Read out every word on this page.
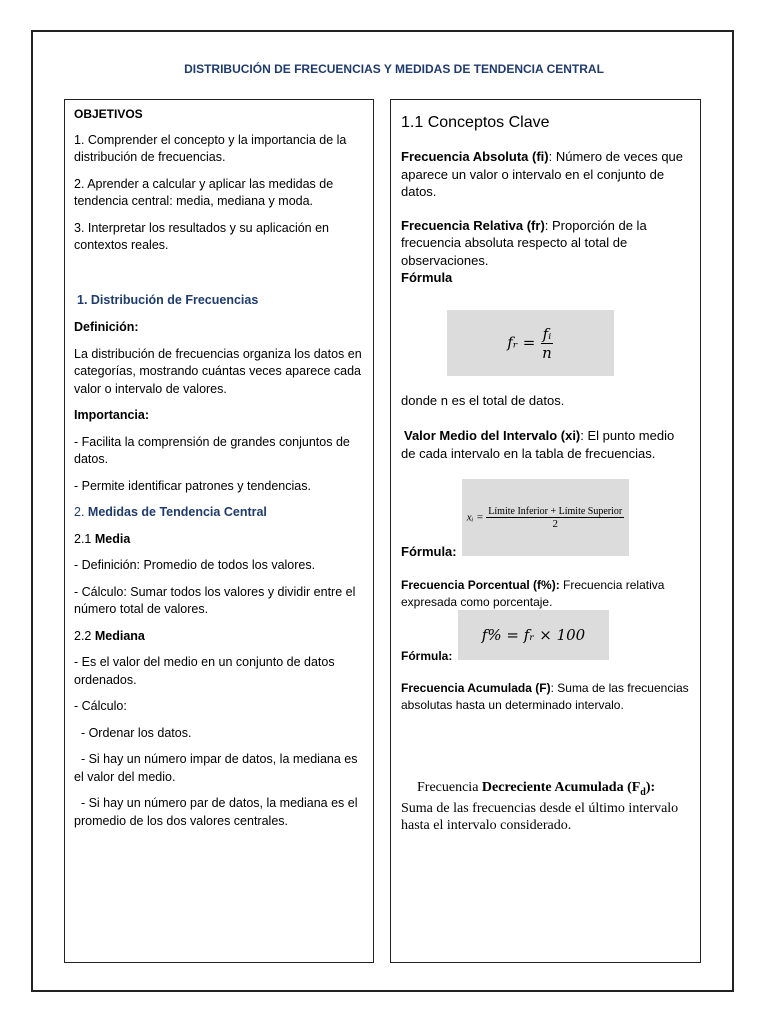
DISTRIBUCIÓN DE FRECUENCIAS Y MEDIDAS DE TENDENCIA CENTRAL

OBJETIVOS

1. Comprender el concepto y la importancia de la distribución de frecuencias.

2. Aprender a calcular y aplicar las medidas de tendencia central: media, mediana y moda.

3. Interpretar los resultados y su aplicación en contextos reales.

1. Distribución de Frecuencias

Definición:

La distribución de frecuencias organiza los datos en categorías, mostrando cuántas veces aparece cada valor o intervalo de valores.

Importancia:

- Facilita la comprensión de grandes conjuntos de datos.

- Permite identificar patrones y tendencias.

2. Medidas de Tendencia Central

2.1 Media

- Definición: Promedio de todos los valores.

- Cálculo: Sumar todos los valores y dividir entre el número total de valores.

2.2 Mediana

- Es el valor del medio en un conjunto de datos ordenados.

- Cálculo:

- Ordenar los datos.

- Si hay un número impar de datos, la mediana es el valor del medio.

- Si hay un número par de datos, la mediana es el promedio de los dos valores centrales.

1.1 Conceptos Clave

Frecuencia Absoluta (fi): Número de veces que aparece un valor o intervalo en el conjunto de datos.

Frecuencia Relativa (fr): Proporción de la frecuencia absoluta respecto al total de observaciones.

Fórmula

fᵣ = $\frac{\text{fᵢ}}{n}$

donde n es el total de datos.

Valor Medio del Intervalo (xi): El punto medio de cada intervalo en la tabla de frecuencias.

Fórmula:

xᵢ = $\frac{\text{Límite Inferior + Límite Superior}}{2}$

Frecuencia Porcentual (f%): Frecuencia relativa expresada como porcentaje.

f% = fᵣ × 100

Fórmula:

Frecuencia Acumulada (F): Suma de las frecuencias absolutas hasta un determinado intervalo.

Frecuencia Decreciente Acumulada $(F_d)$:

Suma de las frecuencias desde el último intervalo hasta el intervalo considerado.
